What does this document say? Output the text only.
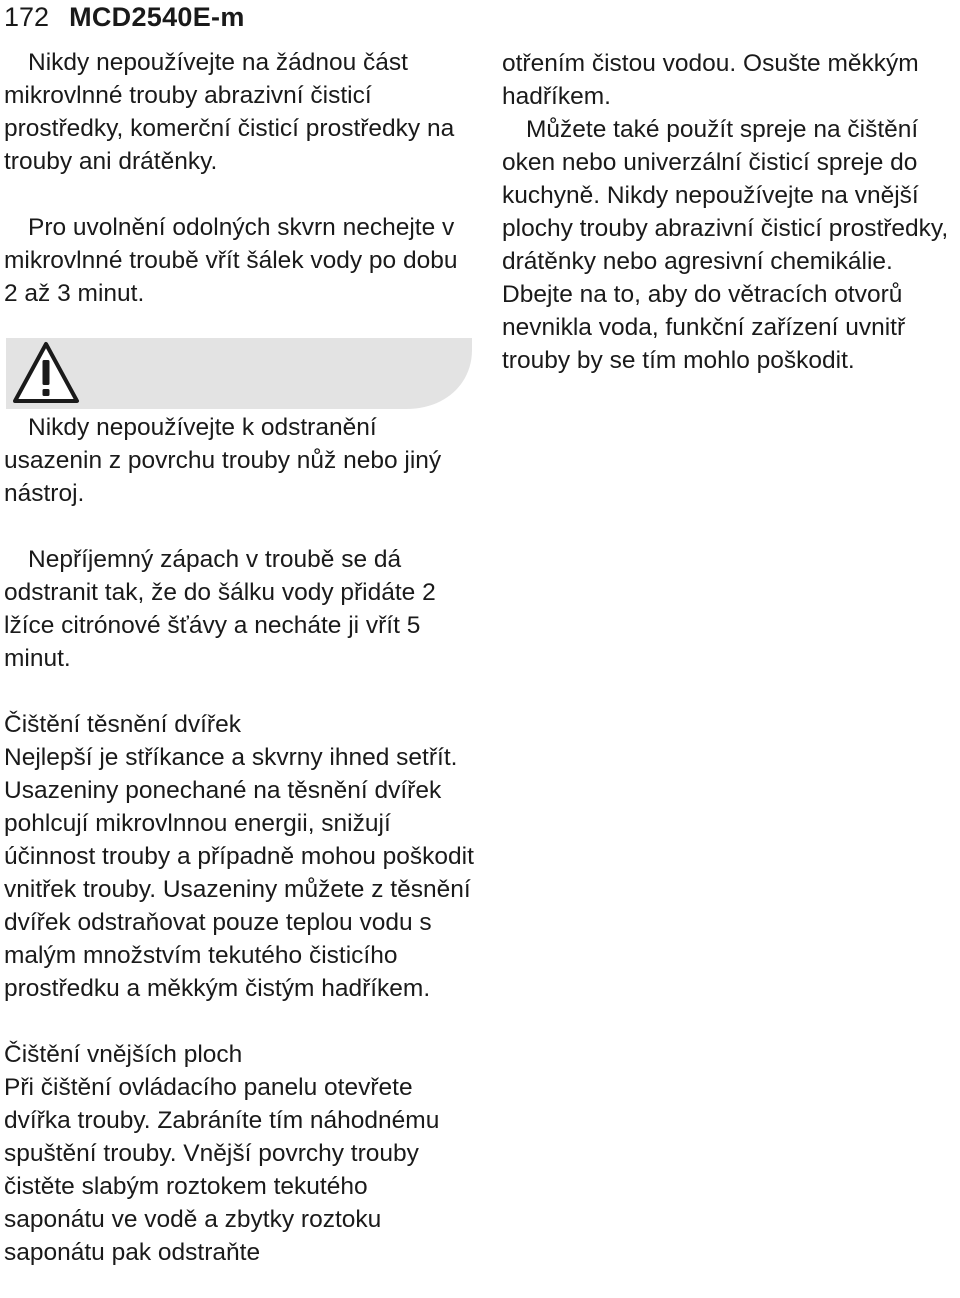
172 MCD2540E-m

Nikdy nepoužívejte na žádnou část mikrovlnné trouby abrazivní čisticí prostředky, komerční čisticí prostředky na trouby ani drátěnky.

Pro uvolnění odolných skvrn nechejte v mikrovlnné troubě vřít šálek vody po dobu 2 až 3 minut.

Nikdy nepoužívejte k odstranění usazenin z povrchu trouby nůž nebo jiný nástroj.

Nepříjemný zápach v troubě se dá odstranit tak, že do šálku vody přidáte 2 lžíce citrónové šťávy a necháte ji vřít 5 minut.

Čištění těsnění dvířek

Nejlepší je stříkance a skvrny ihned setřít. Usazeniny ponechané na těsnění dvířek pohlcují mikrovlnnou energii, snižují účinnost trouby a případně mohou poškodit vnitřek trouby. Usazeniny můžete z těsnění dvířek odstraňovat pouze teplou vodu s malým množstvím tekutého čisticího prostředku a měkkým čistým hadříkem.

Čištění vnějších ploch

Při čištění ovládacího panelu otevřete dvířka trouby. Zabráníte tím náhodnému spuštění trouby. Vnější povrchy trouby čistěte slabým roztokem tekutého saponátu ve vodě a zbytky roztoku saponátu pak odstraňte

otřením čistou vodou. Osušte měkkým hadříkem.

Můžete také použít spreje na čištění oken nebo univerzální čisticí spreje do kuchyně. Nikdy nepoužívejte na vnější plochy trouby abrazivní čisticí prostředky, drátěnky nebo agresivní chemikálie. Dbejte na to, aby do větracích otvorů nevnikla voda, funkční zařízení uvnitř trouby by se tím mohlo poškodit.
